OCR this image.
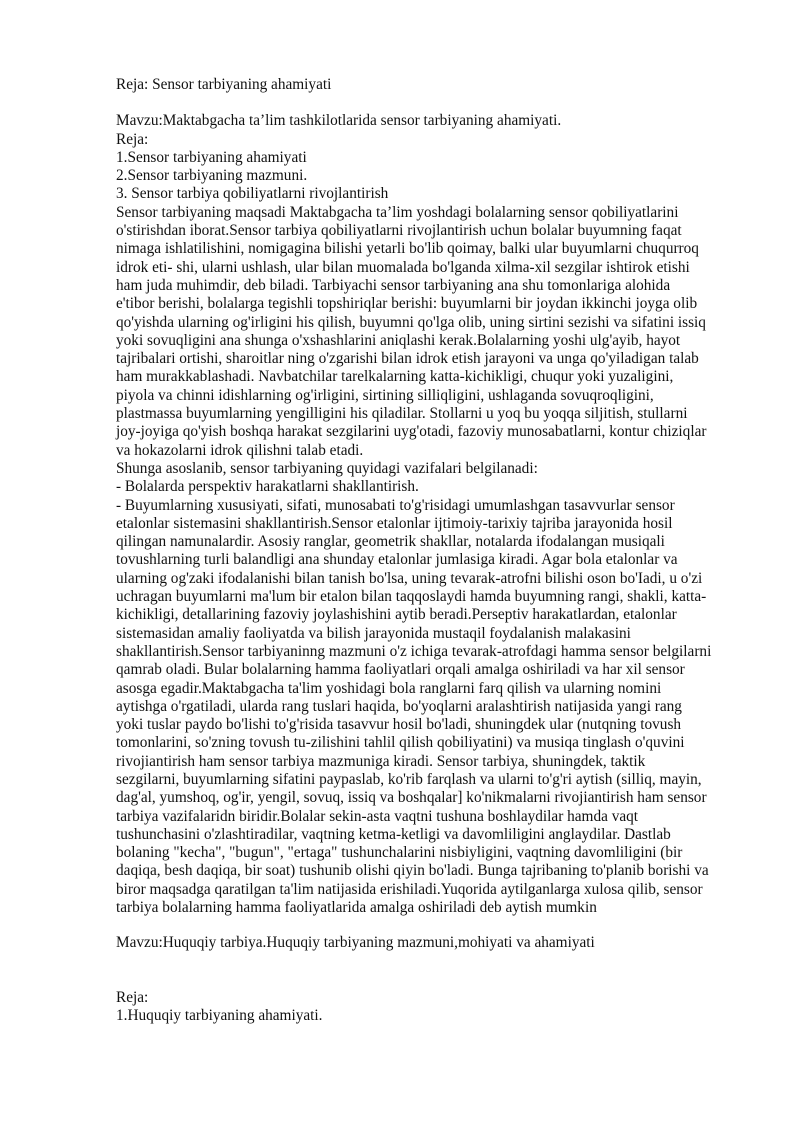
Reja: Sensor tarbiyaning ahamiyati
Mavzu:Maktabgacha ta’lim tashkilotlarida sensor tarbiyaning ahamiyati.
Reja:
1.Sensor tarbiyaning ahamiyati
2.Sensor tarbiyaning mazmuni.
3. Sensor tarbiya qobiliyatlarni rivojlantirish
Sensor tarbiyaning maqsadi Maktabgacha ta’lim yoshdagi bolalarning sensor qobiliyatlarini
o'stirishdan iborat.Sensor tarbiya qobiliyatlarni rivojlantirish uchun bolalar buyumning faqat
nimaga ishlatilishini, nomigagina bilishi yetarli bo'lib qoimay, balki ular buyumlarni chuqurroq
idrok eti- shi, ularni ushlash, ular bilan muomalada bo'lganda xilma-xil sezgilar ishtirok etishi
ham juda muhimdir, deb biladi. Tarbiyachi sensor tarbiyaning ana shu tomonlariga alohida
e'tibor berishi, bolalarga tegishli topshiriqlar berishi: buyumlarni bir joydan ikkinchi joyga olib
qo'yishda ularning og'irligini his qilish, buyumni qo'lga olib, uning sirtini sezishi va sifatini issiq
yoki sovuqligini ana shunga o'xshashlarini aniqlashi kerak.Bolalarning yoshi ulg'ayib, hayot
tajribalari ortishi, sharoitlar ning o'zgarishi bilan idrok etish jarayoni va unga qo'yiladigan talab
ham murakkablashadi. Navbatchilar tarelkalarning katta-kichikligi, chuqur yoki yuzaligini,
piyola va chinni idishlarning og'irligini, sirtining silliqligini, ushlaganda sovuqroqligini,
plastmassa buyumlarning yengilligini his qiladilar. Stollarni u yoq bu yoqqa siljitish, stullarni
joy-joyiga qo'yish boshqa harakat sezgilarini uyg'otadi, fazoviy munosabatlarni, kontur chiziqlar
va hokazolarni idrok qilishni talab etadi.
Shunga asoslanib, sensor tarbiyaning quyidagi vazifalari belgilanadi:
- Bolalarda perspektiv harakatlarni shakllantirish.
- Buyumlarning xususiyati, sifati, munosabati to'g'risidagi umumlashgan tasavvurlar sensor
etalonlar sistemasini shakllantirish.Sensor etalonlar ijtimoiy-tarixiy tajriba jarayonida hosil
qilingan namunalardir. Asosiy ranglar, geometrik shakllar, notalarda ifodalangan musiqali
tovushlarning turli balandligi ana shunday etalonlar jumlasiga kiradi. Agar bola etalonlar va
ularning og'zaki ifodalanishi bilan tanish bo'lsa, uning tevarak-atrofni bilishi oson bo'Iadi, u o'zi
uchragan buyumlarni ma'lum bir etalon bilan taqqoslaydi hamda buyumning rangi, shakli, katta-
kichikligi, detallarining fazoviy joylashishini aytib beradi.Perseptiv harakatlardan, etalonlar
sistemasidan amaliy faoliyatda va bilish jarayonida mustaqil foydalanish malakasini
shakllantirish.Sensor tarbiyaninng mazmuni o'z ichiga tevarak-atrofdagi hamma sensor belgilarni
qamrab oladi. Bular bolalarning hamma faoliyatlari orqali amalga oshiriladi va har xil sensor
asosga egadir.Maktabgacha ta'lim yoshidagi bola ranglarni farq qilish va ularning nomini
aytishga o'rgatiladi, ularda rang tuslari haqida, bo'yoqlarni aralashtirish natijasida yangi rang
yoki tuslar paydo bo'lishi to'g'risida tasavvur hosil bo'ladi, shuningdek ular (nutqning tovush
tomonlarini, so'zning tovush tu-zilishini tahlil qilish qobiliyatini) va musiqa tinglash o'quvini
rivojiantirish ham sensor tarbiya mazmuniga kiradi. Sensor tarbiya, shuningdek, taktik
sezgilarni, buyumlarning sifatini paypaslab, ko'rib farqlash va ularni to'g'ri aytish (silliq, mayin,
dag'al, yumshoq, og'ir, yengil, sovuq, issiq va boshqalar] ko'nikmalarni rivojiantirish ham sensor
tarbiya vazifalaridn biridir.Bolalar sekin-asta vaqtni tushuna boshlaydilar hamda vaqt
tushunchasini o'zlashtiradilar, vaqtning ketma-ketligi va davomliligini anglaydilar. Dastlab
bolaning "kecha", "bugun", "ertaga" tushunchalarini nisbiyligini, vaqtning davomliligini (bir
daqiqa, besh daqiqa, bir soat) tushunib olishi qiyin bo'ladi. Bunga tajribaning to'planib borishi va
biror maqsadga qaratilgan ta'lim natijasida erishiladi.Yuqorida aytilganlarga xulosa qilib, sensor
tarbiya bolalarning hamma faoliyatlarida amalga oshiriladi deb aytish mumkin
Mavzu:Huquqiy tarbiya.Huquqiy tarbiyaning mazmuni,mohiyati va ahamiyati
Reja:
1.Huquqiy tarbiyaning ahamiyati.
